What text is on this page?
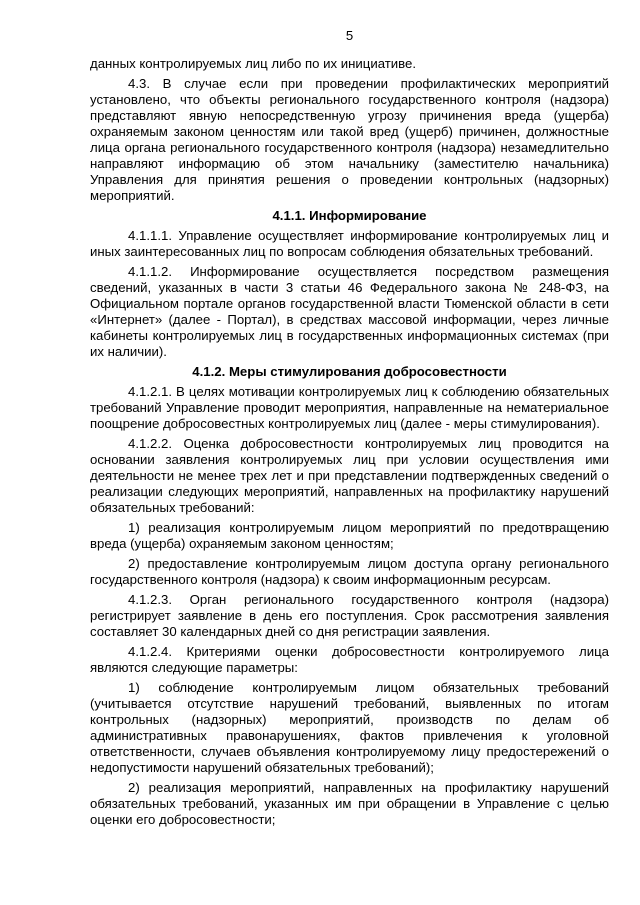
5

данных контролируемых лиц либо по их инициативе.

4.3. В случае если при проведении профилактических мероприятий установлено, что объекты регионального государственного контроля (надзора) представляют явную непосредственную угрозу причинения вреда (ущерба) охраняемым законом ценностям или такой вред (ущерб) причинен, должностные лица органа регионального государственного контроля (надзора) незамедлительно направляют информацию об этом начальнику (заместителю начальника) Управления для принятия решения о проведении контрольных (надзорных) мероприятий.

4.1.1. Информирование

4.1.1.1. Управление осуществляет информирование контролируемых лиц и иных заинтересованных лиц по вопросам соблюдения обязательных требований.

4.1.1.2. Информирование осуществляется посредством размещения сведений, указанных в части 3 статьи 46 Федерального закона № 248-ФЗ, на Официальном портале органов государственной власти Тюменской области в сети «Интернет» (далее - Портал), в средствах массовой информации, через личные кабинеты контролируемых лиц в государственных информационных системах (при их наличии).

4.1.2. Меры стимулирования добросовестности

4.1.2.1. В целях мотивации контролируемых лиц к соблюдению обязательных требований Управление проводит мероприятия, направленные на нематериальное поощрение добросовестных контролируемых лиц (далее - меры стимулирования).

4.1.2.2. Оценка добросовестности контролируемых лиц проводится на основании заявления контролируемых лиц при условии осуществления ими деятельности не менее трех лет и при представлении подтвержденных сведений о реализации следующих мероприятий, направленных на профилактику нарушений обязательных требований:

1) реализация контролируемым лицом мероприятий по предотвращению вреда (ущерба) охраняемым законом ценностям;

2) предоставление контролируемым лицом доступа органу регионального государственного контроля (надзора) к своим информационным ресурсам.

4.1.2.3. Орган регионального государственного контроля (надзора) регистрирует заявление в день его поступления. Срок рассмотрения заявления составляет 30 календарных дней со дня регистрации заявления.

4.1.2.4. Критериями оценки добросовестности контролируемого лица являются следующие параметры:

1) соблюдение контролируемым лицом обязательных требований (учитывается отсутствие нарушений требований, выявленных по итогам контрольных (надзорных) мероприятий, производств по делам об административных правонарушениях, фактов привлечения к уголовной ответственности, случаев объявления контролируемому лицу предостережений о недопустимости нарушений обязательных требований);

2) реализация мероприятий, направленных на профилактику нарушений обязательных требований, указанных им при обращении в Управление с целью оценки его добросовестности;
